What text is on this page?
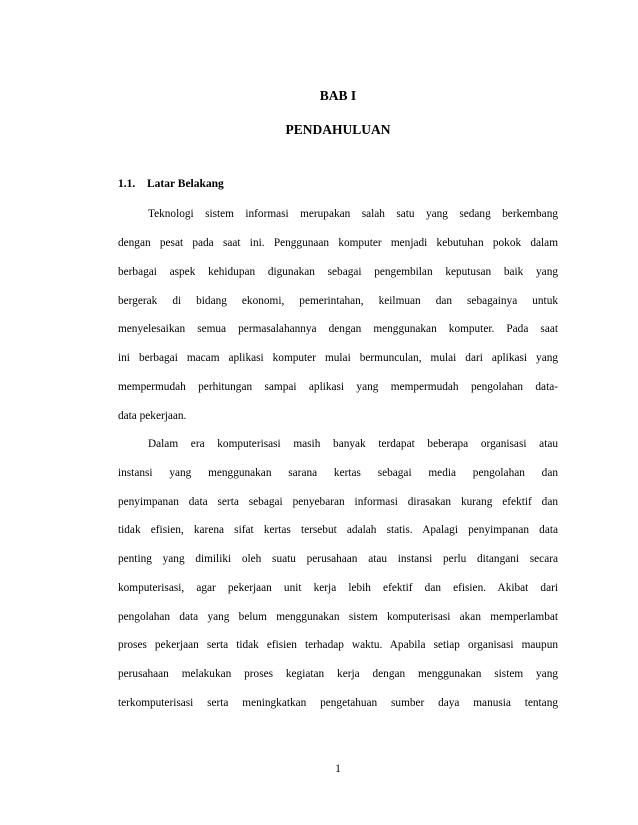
BAB I
PENDAHULUAN
1.1. Latar Belakang
Teknologi sistem informasi merupakan salah satu yang sedang berkembang
dengan pesat pada saat ini. Penggunaan komputer menjadi kebutuhan pokok dalam
berbagai aspek kehidupan digunakan sebagai pengembilan keputusan baik yang
bergerak di bidang ekonomi, pemerintahan, keilmuan dan sebagainya untuk
menyelesaikan semua permasalahannya dengan menggunakan komputer. Pada saat
ini berbagai macam aplikasi komputer mulai bermunculan, mulai dari aplikasi yang
mempermudah perhitungan sampai aplikasi yang mempermudah pengolahan data-
data pekerjaan.
Dalam era komputerisasi masih banyak terdapat beberapa organisasi atau
instansi yang menggunakan sarana kertas sebagai media pengolahan dan
penyimpanan data serta sebagai penyebaran informasi dirasakan kurang efektif dan
tidak efisien, karena sifat kertas tersebut adalah statis. Apalagi penyimpanan data
penting yang dimiliki oleh suatu perusahaan atau instansi perlu ditangani secara
komputerisasi, agar pekerjaan unit kerja lebih efektif dan efisien. Akibat dari
pengolahan data yang belum menggunakan sistem komputerisasi akan memperlambat
proses pekerjaan serta tidak efisien terhadap waktu. Apabila setiap organisasi maupun
perusahaan melakukan proses kegiatan kerja dengan menggunakan sistem yang
terkomputerisasi serta meningkatkan pengetahuan sumber daya manusia tentang
1
